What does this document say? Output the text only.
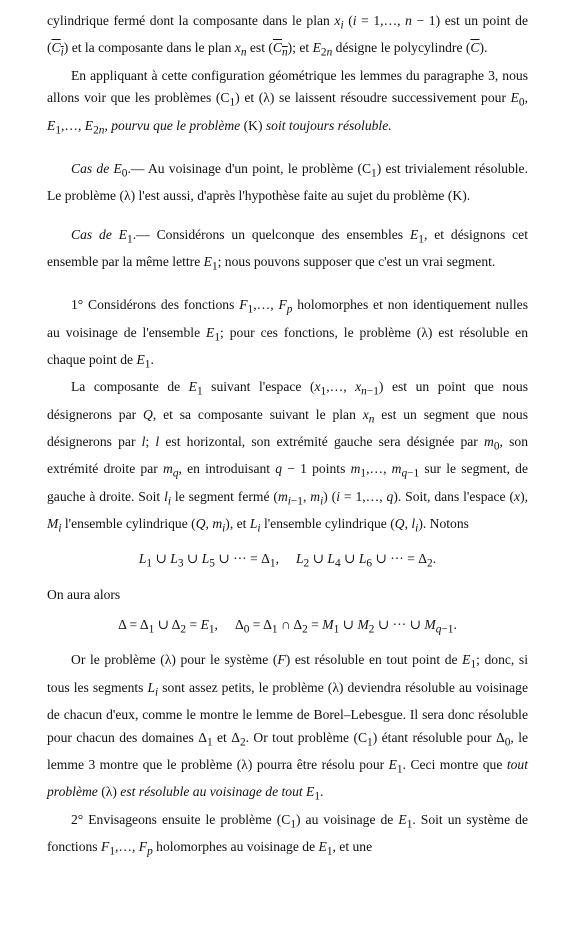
cylindrique fermé dont la composante dans le plan $x_i$ (i = 1,…, n − 1) est un point de $(C_i)$ et la composante dans le plan $x_n$ est $(C_n)$; et $E_{2n}$ désigne le polycylindre $(\overline{C})$.

En appliquant à cette configuration géométrique les lemmes du paragraphe 3, nous allons voir que les problèmes $(C_1)$ et (λ) se laissent résoudre successivement pour $E_0$, $E_1,\dots$, $E_{2n}$, pourvu que le problème (K) soit toujours résoluble.

Cas de $E_0.—$ Au voisinage d'un point, le problème $(C_1)$ est trivialement résoluble. Le problème (λ) l'est aussi, d'après l'hypothèse faite au sujet du problème (K).

Cas de $E_1.—$ Considérons un quelconque des ensembles $E_1$, et désignons cet ensemble par la même lettre $E_1$; nous pouvons supposer que c'est un vrai segment.

1° Considérons des fonctions $F_1,\dots$, $F_p$ holomorphes et non identiquement nulles au voisinage de l'ensemble $E_1$; pour ces fonctions, le problème (λ) est résoluble en chaque point de $E_1$.

La composante de $E_1$ suivant l'espace ($x_1,\dots$, $x_{n-1}$) est un point que nous désignerons par Q, et sa composante suivant le plan $x_n$ est un segment que nous désignerons par l; l est horizontal, son extrémité gauche sera désignée par $m_0$, son extrémité droite par $m_q$, en introduisant q − 1 points $m_1,\dots$, $m_{q-1}$ sur le segment, de gauche à droite. Soit $l_i$ le segment fermé ($m_{i-1}$, $m_i$) (i = 1,…, q). Soit, dans l'espace (x), $M_i$ l'ensemble cylindrique (Q, $m_i$), et $L_i$ l'ensemble cylindrique (Q, $l_i$). Notons

$L_1$ ∪ $L_3$ ∪ $L_5$ ∪ ··· = $\Delta_1$,     $L_2$ ∪ $L_4$ ∪ $L_6$ ∪ ··· = $\Delta_2$.

On aura alors

$\Delta = \Delta_1$ ∪ $\Delta_2 = E_1$,     $\Delta_0 = \Delta_1$ ∩ $\Delta_2 = M_1$ ∪ $M_2$ ∪ ··· ∪ $M_{q-1}$.

Or le problème (λ) pour le système (F) est résoluble en tout point de $E_1$; donc, si tous les segments $L_i$ sont assez petits, le problème (λ) deviendra résoluble au voisinage de chacun d'eux, comme le montre le lemme de Borel–Lebesgue. Il sera donc résoluble pour chacun des domaines $\Delta_1$ et $\Delta_2$. Or tout problème $(C_1)$ étant résoluble pour $\Delta_0$, le lemme 3 montre que le problème (λ) pourra être résolu pour $E_1$. Ceci montre que tout problème (λ) est résoluble au voisinage de tout $E_1$.

2° Envisageons ensuite le problème $(C_1)$ au voisinage de $E_1$. Soit un système de fonctions $F_1,\dots$, $F_p$ holomorphes au voisinage de $E_1$, et une
